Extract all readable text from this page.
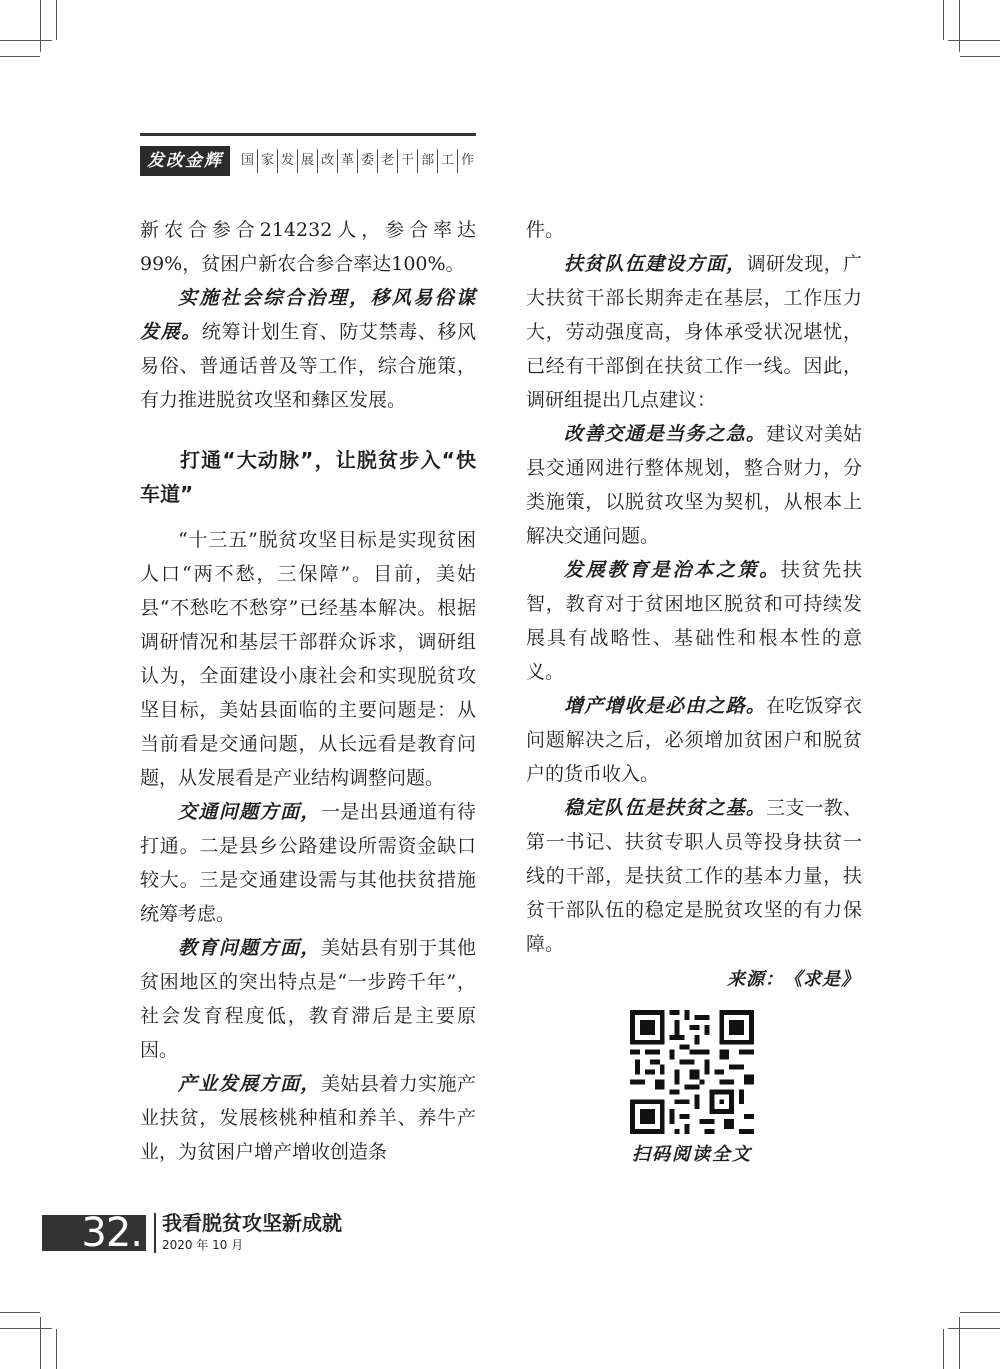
发改金辉	国 家 发 展 改 革 委 老 干 部 工 作

新农合参合214232人，参合率达99%，贫困户新农合参合率达100%。

实施社会综合治理，移风易俗谋发展。统筹计划生育、防艾禁毒、移风易俗、普通话普及等工作，综合施策，有力推进脱贫攻坚和彝区发展。

打通“大动脉”，让脱贫步入“快车道”

“十三五”脱贫攻坚目标是实现贫困人口“两不愁，三保障”。目前，美姑县“不愁吃不愁穿”已经基本解决。根据调研情况和基层干部群众诉求，调研组认为，全面建设小康社会和实现脱贫攻坚目标，美姑县面临的主要问题是：从当前看是交通问题，从长远看是教育问题，从发展看是产业结构调整问题。

交通问题方面，一是出县通道有待打通。二是县乡公路建设所需资金缺口较大。三是交通建设需与其他扶贫措施统筹考虑。

教育问题方面，美姑县有别于其他贫困地区的突出特点是“一步跨千年”，社会发育程度低，教育滞后是主要原因。

产业发展方面，美姑县着力实施产业扶贫，发展核桃种植和养羊、养牛产业，为贫困户增产增收创造条

件。

扶贫队伍建设方面，调研发现，广大扶贫干部长期奔走在基层，工作压力大，劳动强度高，身体承受状况堪忧，已经有干部倒在扶贫工作一线。因此，调研组提出几点建议：

改善交通是当务之急。建议对美姑县交通网进行整体规划，整合财力，分类施策，以脱贫攻坚为契机，从根本上解决交通问题。

发展教育是治本之策。扶贫先扶智，教育对于贫困地区脱贫和可持续发展具有战略性、基础性和根本性的意义。

增产增收是必由之路。在吃饭穿衣问题解决之后，必须增加贫困户和脱贫户的货币收入。

稳定队伍是扶贫之基。三支一教、第一书记、扶贫专职人员等投身扶贫一线的干部，是扶贫工作的基本力量，扶贫干部队伍的稳定是脱贫攻坚的有力保障。

来源：《求是》
扫码阅读全文
32. 我看脱贫攻坚新成就
2020 年 10 月
